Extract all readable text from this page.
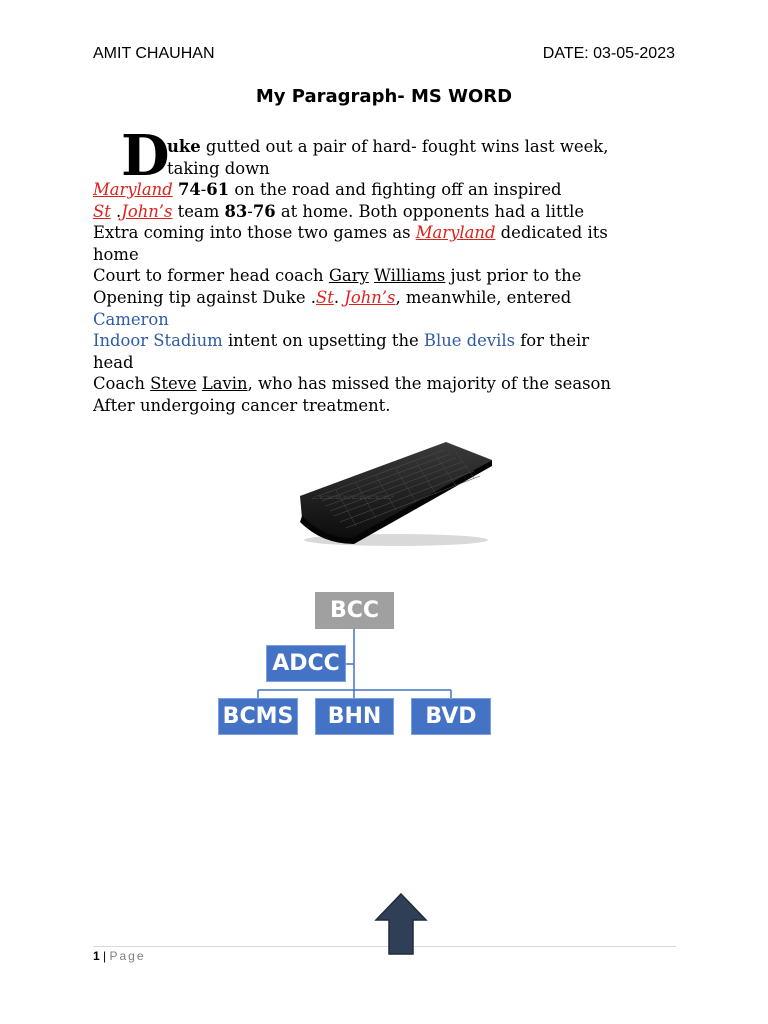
AMIT CHAUHAN	DATE: 03-05-2023
My Paragraph- MS WORD
D
uke gutted out a pair of hard- fought wins last week,
taking down
Maryland 74-61 on the road and fighting off an inspired
St .John’s team 83-76 at home. Both opponents had a little
Extra coming into those two games as Maryland dedicated its
home
Court to former head coach Gary Williams just prior to the
Opening tip against Duke .St. John’s, meanwhile, entered
Cameron
Indoor Stadium intent on upsetting the Blue devils for their
head
Coach Steve Lavin, who has missed the majority of the season
After undergoing cancer treatment.
BCC
ADCC
BCMS	BHN	BVD
1 | Page
